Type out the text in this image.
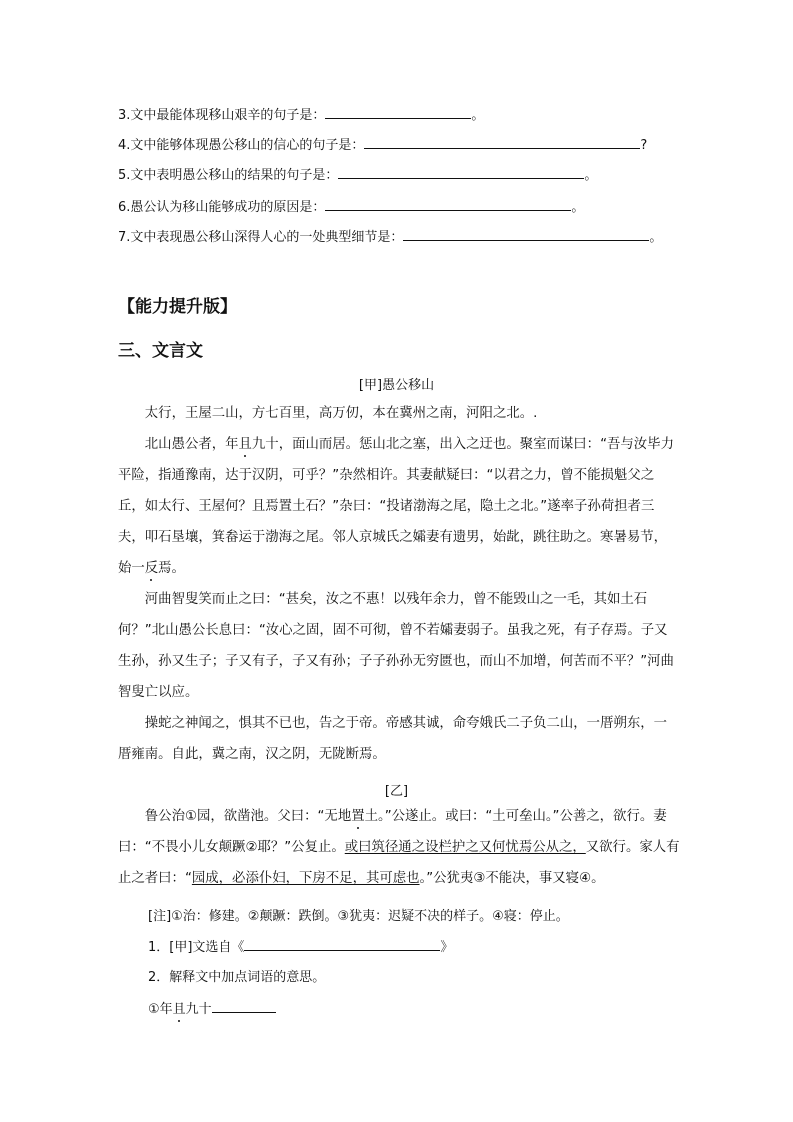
3.文中最能体现移山艰辛的句子是：	。
4.文中能够体现愚公移山的信心的句子是：	?
5.文中表明愚公移山的结果的句子是：	。
6.愚公认为移山能够成功的原因是：	。
7.文中表现愚公移山深得人心的一处典型细节是：	。
【能力提升版】
三、文言文
[甲]愚公移山

太行，王屋二山，方七百里，高万仞，本在冀州之南，河阳之北。.

北山愚公者，年且九十，面山而居。惩山北之塞，出入之迂也。聚室而谋曰：“吾与汝毕力平险，指通豫南，达于汉阴，可乎？”杂然相许。其妻献疑曰：“以君之力，曾不能损魁父之丘，如太行、王屋何？且焉置土石？”杂曰：“投诸渤海之尾，隐土之北。”遂率子孙荷担者三夫，叩石垦壤，箕畚运于渤海之尾。邻人京城氏之孀妻有遗男，始龀，跳往助之。寒暑易节，始一反焉。

河曲智叟笑而止之曰：“甚矣，汝之不惠！以残年余力，曾不能毁山之一毛，其如土石何？”北山愚公长息曰：“汝心之固，固不可彻，曾不若孀妻弱子。虽我之死，有子存焉。子又生孙，孙又生子；子又有子，子又有孙；子子孙孙无穷匮也，而山不加增，何苦而不平？”河曲智叟亡以应。

操蛇之神闻之，惧其不已也，告之于帝。帝感其诚，命夸娥氏二子负二山，一厝朔东，一厝雍南。自此，冀之南，汉之阴，无陇断焉。

[乙]

鲁公治①园，欲凿池。父曰：“无地置土。”公遂止。或曰：“土可垒山。”公善之，欲行。妻曰：“不畏小儿女颠蹶②耶？”公复止。或曰筑径通之设栏护之又何忧焉公从之，又欲行。家人有止之者曰：“园成，必添仆妇，下房不足，其可虑也。”公犹夷③不能决，事又寝④。

[注]①治：修建。②颠蹶：跌倒。③犹夷：迟疑不决的样子。④寝：停止。
1．[甲]文选自《	》
2．解释文中加点词语的意思。
①年且九十
